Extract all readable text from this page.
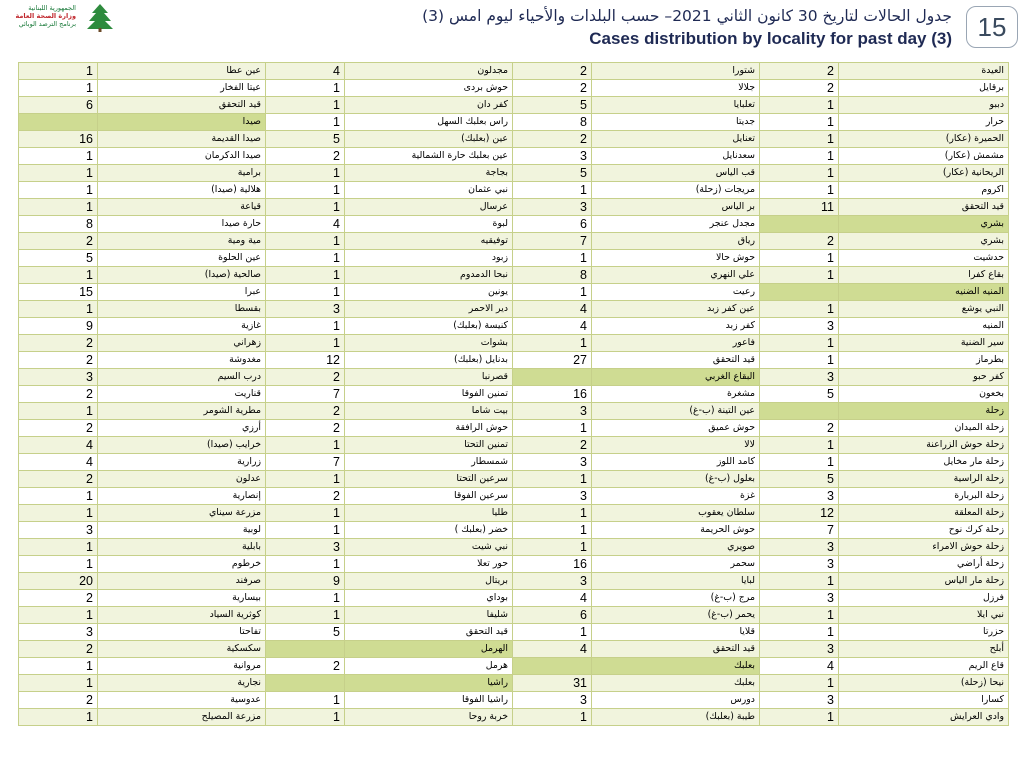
الجمهورية اللبنانية
وزارة الصحة العامة
برنامج الترصد الوبائي	جدول الحالات لتاريخ 30 كانون الثاني 2021– حسب البلدات والأحياء ليوم امس (3)
Cases distribution by locality for past day (3) 15
1	عين عطا	4	مجدلون	2	شتورا	2	العيدة
1	عيتا الفخار	1	حوش بردى	2	جلالا	2	برقايل
6	قيد التحقق	1	كفر دان	5	تعلبايا	1	دببو
	صيدا	1	راس بعلبك السهل	8	جديتا	1	حرار
16	صيدا القديمة	5	عين (بعلبك)	2	تعنايل	1	الحميرة (عكار)
1	صيدا الدكرمان	2	عين بعلبك حارة الشمالية	3	سعدنايل	1	مشمش (عكار)
1	برامية	1	بجاجة	5	قب الياس	1	الريحانية (عكار)
1	هلالية (صيدا)	1	نبي عثمان	1	مريجات (زحلة)	1	اكروم
1	قياعة	1	عرسال	3	بر الياس	11	قيد التحقق
8	حارة صيدا	4	لبوة	6	مجدل عنجر		بشري
2	مية ومية	1	توفيقيه	7	رياق	2	بشري
5	عين الحلوة	1	زبود	1	حوش حالا	1	حدشيت
1	صالحية (صيدا)	1	نبحا الدمدوم	8	علي النهري	1	بقاع كفرا
15	عبرا	1	يونين	1	رعيت		المنيه الضنيه
1	بقسطا	3	دير الاحمر	4	عين كفر زبد	1	النبي يوشع
9	غازية	1	كنيسة (بعلبك)	4	كفر زبد	3	المنيه
2	زهراني	1	بشوات	1	فاعور	1	سير الضنية
2	مغدوشة	12	بدنايل (بعلبك)	27	قيد التحقق	1	بطرماز
3	درب السيم	2	قصرنبا		البقاع الغربي	3	كفر حبو
2	قناريت	7	تمنين الفوقا	16	مشغرة	5	بخعون
1	مطرية الشومر	2	بيت شاما	3	عين التينة (ب-غ)		زحلة
2	أرزي	2	حوش الرافقة	1	حوش عميق	2	زحلة الميدان
4	خرايب (صيدا)	1	تمنين التحتا	2	لالا	1	زحلة حوش الزراعنة
4	زرارية	7	شمسطار	3	كامد اللوز	1	زحلة مار مخايل
2	عدلون	1	سرعين التحتا	1	بعلول (ب-غ)	5	زحلة الراسية
1	إنصارية	2	سرعين الفوقا	3	غزة	3	زحلة البربارة
1	مزرعة سيناي	1	طليا	1	سلطان يعقوب	12	زحلة المعلقة
3	لوبية	1	خضر (بعلبك )	1	حوش الحريمة	7	زحلة كرك نوح
1	بابلية	3	نبي شيت	1	صويري	3	زحلة حوش الامراء
1	خرطوم	1	حور تعلا	16	سحمر	3	زحلة أراضي
20	صرفند	9	بريتال	3	لبايا	1	زحلة مار الياس
2	بيسارية	1	بوداي	4	مرج (ب-غ)	3	فرزل
1	كوثرية السياد	1	شليفا	6	يحمر (ب-غ)	1	نبي ايلا
3	تفاحتا	5	قيد التحقق	1	قلايا	1	حزرتا
2	سكسكية		الهرمل	4	قيد التحقق	3	أبلح
1	مروانية	2	هرمل		بعلبك	4	قاع الريم
1	نجارية		راشيا	31	بعلبك	1	نيحا (زحلة)
2	عدوسية	1	راشيا الفوقا	3	دورس	3	كسارا
1	مزرعة المصيلح	1	خربة روحا	1	طيبة (بعلبك)	1	وادي العرايش
